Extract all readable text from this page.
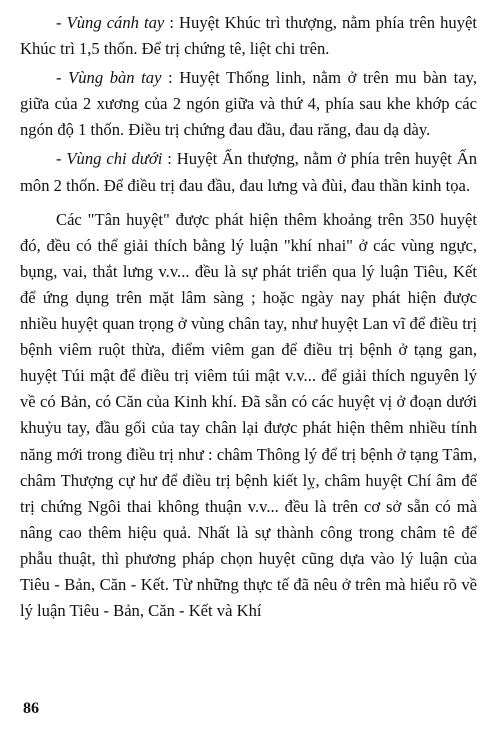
- Vùng cánh tay : Huyệt Khúc trì thượng, nằm phía trên huyệt Khúc trì 1,5 thốn. Để trị chứng tê, liệt chi trên.

- Vùng bàn tay : Huyệt Thống linh, nằm ở trên mu bàn tay, giữa của 2 xương của 2 ngón giữa và thứ 4, phía sau khe khớp các ngón độ 1 thốn. Điều trị chứng đau đầu, đau răng, đau dạ dày.

- Vùng chi dưới : Huyệt Ấn thượng, nằm ở phía trên huyệt Ấn môn 2 thốn. Để điều trị đau đầu, đau lưng và đùi, đau thần kinh tọa.

Các "Tân huyệt" được phát hiện thêm khoảng trên 350 huyệt đó, đều có thể giải thích bằng lý luận "khí nhai" ở các vùng ngực, bụng, vai, thắt lưng v.v... đều là sự phát triển qua lý luận Tiêu, Kết để ứng dụng trên mặt lâm sàng ; hoặc ngày nay phát hiện được nhiều huyệt quan trọng ở vùng chân tay, như huyệt Lan vĩ để điều trị bệnh viêm ruột thừa, điểm viêm gan để điều trị bệnh ở tạng gan, huyệt Túi mật để điều trị viêm túi mật v.v... để giải thích nguyên lý về có Bản, có Căn của Kinh khí. Đã sẵn có các huyệt vị ở đoạn dưới khuỷu tay, đầu gối của tay chân lại được phát hiện thêm nhiều tính năng mới trong điều trị như : châm Thông lý để trị bệnh ở tạng Tâm, châm Thượng cự hư để điều trị bệnh kiết lỵ, châm huyệt Chí âm để trị chứng Ngôi thai không thuận v.v... đều là trên cơ sở sẵn có mà nâng cao thêm hiệu quả. Nhất là sự thành công trong châm tê để phẫu thuật, thì phương pháp chọn huyệt cũng dựa vào lý luận của Tiêu - Bản, Căn - Kết. Từ những thực tế đã nêu ở trên mà hiểu rõ về lý luận Tiêu - Bản, Căn - Kết và Khí

86
